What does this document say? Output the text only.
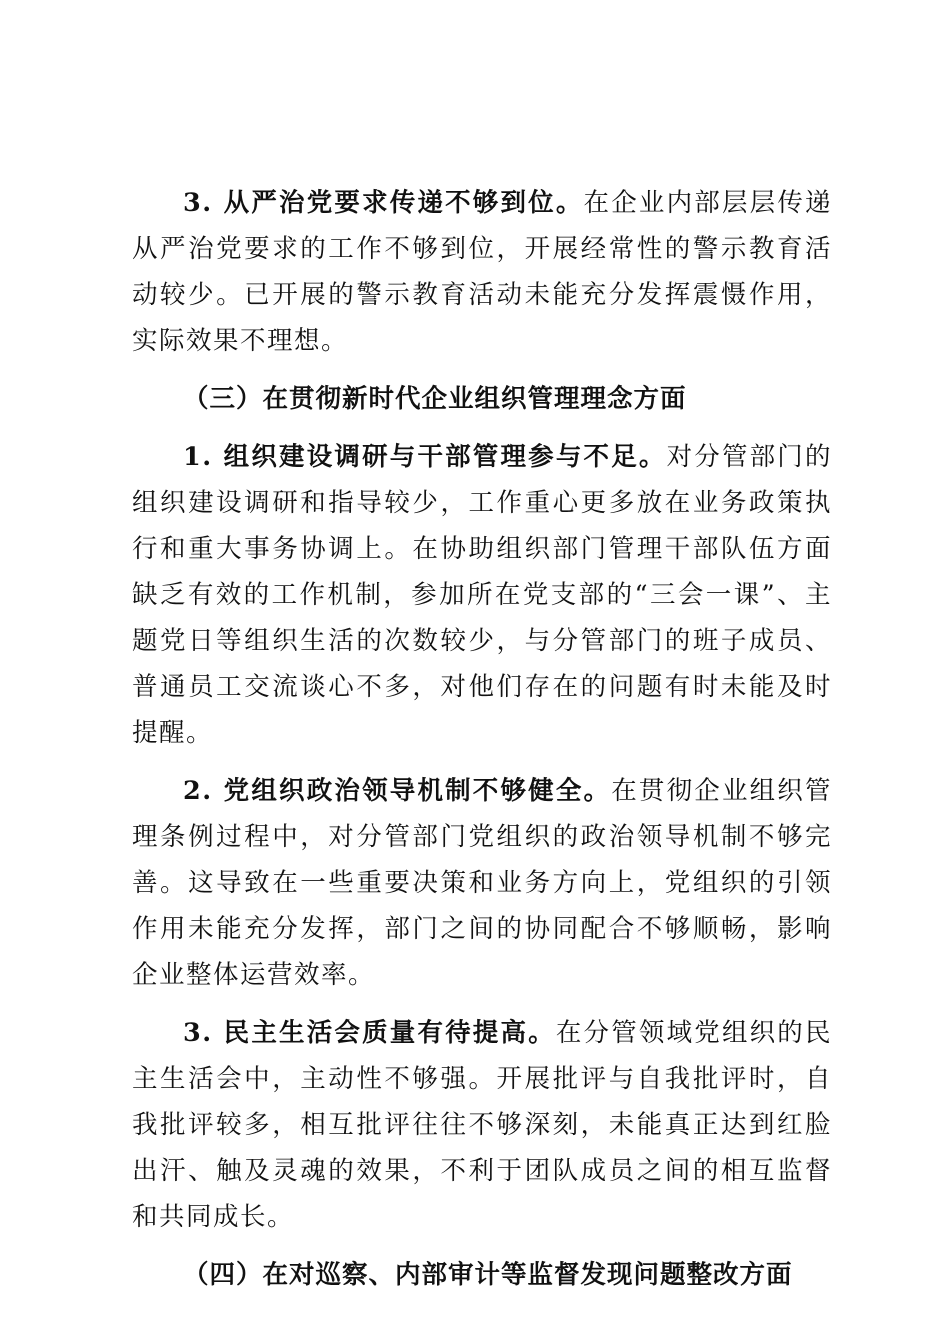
3. 从严治党要求传递不够到位。在企业内部层层传递从严治党要求的工作不够到位，开展经常性的警示教育活动较少。已开展的警示教育活动未能充分发挥震慑作用，实际效果不理想。

（三）在贯彻新时代企业组织管理理念方面

1. 组织建设调研与干部管理参与不足。对分管部门的组织建设调研和指导较少，工作重心更多放在业务政策执行和重大事务协调上。在协助组织部门管理干部队伍方面缺乏有效的工作机制，参加所在党支部的“三会一课”、主题党日等组织生活的次数较少，与分管部门的班子成员、普通员工交流谈心不多，对他们存在的问题有时未能及时提醒。

2. 党组织政治领导机制不够健全。在贯彻企业组织管理条例过程中，对分管部门党组织的政治领导机制不够完善。这导致在一些重要决策和业务方向上，党组织的引领作用未能充分发挥，部门之间的协同配合不够顺畅，影响企业整体运营效率。

3. 民主生活会质量有待提高。在分管领域党组织的民主生活会中，主动性不够强。开展批评与自我批评时，自我批评较多，相互批评往往不够深刻，未能真正达到红脸出汗、触及灵魂的效果，不利于团队成员之间的相互监督和共同成长。

（四）在对巡察、内部审计等监督发现问题整改方面
